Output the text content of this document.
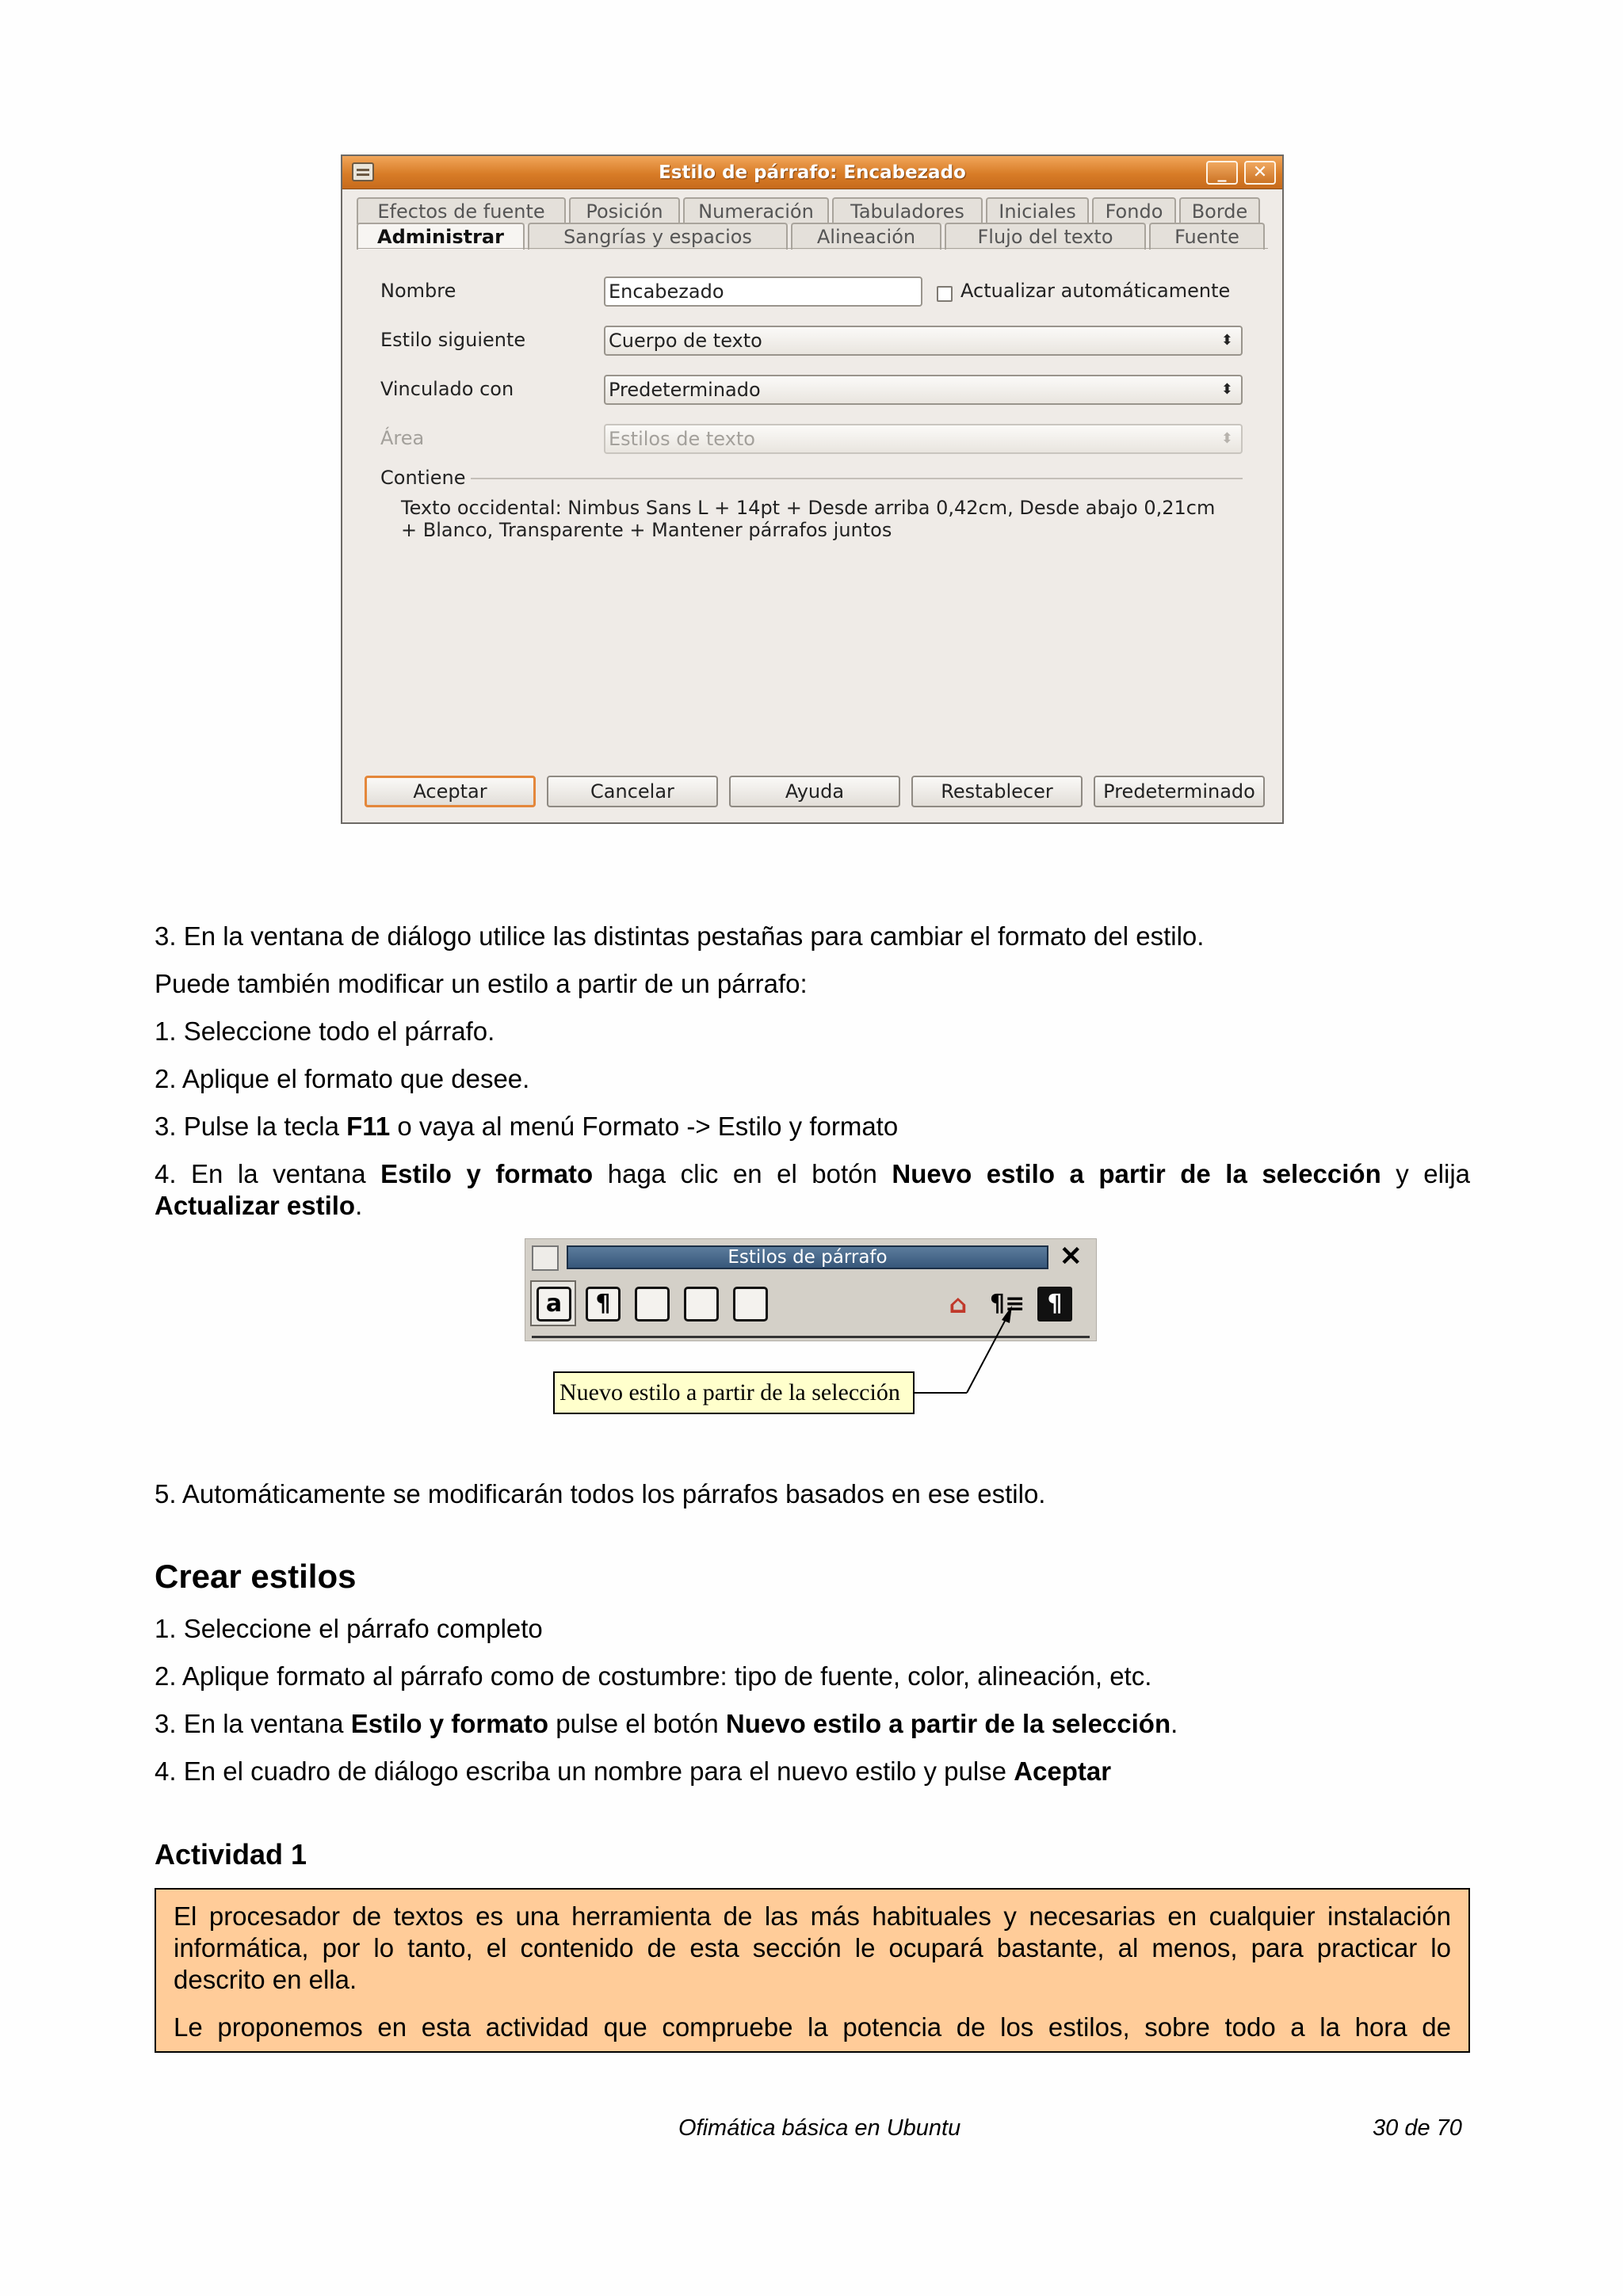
Estilo de párrafo: Encabezado	_	✕
Efectos de fuente	Posición	Numeración	Tabuladores	Iniciales	Fondo	Borde
Administrar	Sangrías y espacios	Alineación	Flujo del texto	Fuente
Nombre	Encabezado	Actualizar automáticamente
Estilo siguiente	Cuerpo de texto	⬍
Vinculado con	Predeterminado	⬍
Área	Estilos de texto	⬍
Contiene
Texto occidental: Nimbus Sans L + 14pt + Desde arriba 0,42cm, Desde abajo 0,21cm
+ Blanco, Transparente + Mantener párrafos juntos
Aceptar	Cancelar	Ayuda	Restablecer	Predeterminado
3. En la ventana de diálogo utilice las distintas pestañas para cambiar el formato del estilo.
Puede también modificar un estilo a partir de un párrafo:
1. Seleccione todo el párrafo.
2. Aplique el formato que desee.
3. Pulse la tecla F11 o vaya al menú Formato -> Estilo y formato
4. En la ventana Estilo y formato haga clic en el botón Nuevo estilo a partir de la selección y elija
Actualizar estilo.
Estilos de párrafo	✕
a	¶	⌂ ¶≡ ¶
Nuevo estilo a partir de la selección
5. Automáticamente se modificarán todos los párrafos basados en ese estilo.
Crear estilos
1. Seleccione el párrafo completo
2. Aplique formato al párrafo como de costumbre: tipo de fuente, color, alineación, etc.
3. En la ventana Estilo y formato pulse el botón Nuevo estilo a partir de la selección.
4. En el cuadro de diálogo escriba un nombre para el nuevo estilo y pulse Aceptar
Actividad 1
El procesador de textos es una herramienta de las más habituales y necesarias en cualquier instalación
informática, por lo tanto, el contenido de esta sección le ocupará bastante, al menos, para practicar lo
descrito en ella.
Le proponemos en esta actividad que compruebe la potencia de los estilos, sobre todo a la hora de
Ofimática básica en Ubuntu	30 de 70
